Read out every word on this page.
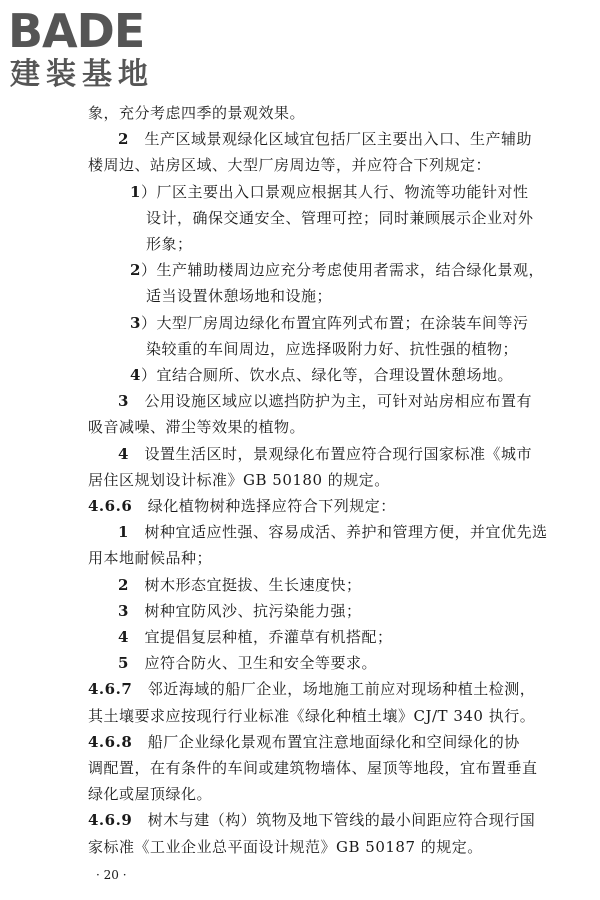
BADE
建装基地
象，充分考虑四季的景观效果。
2　生产区域景观绿化区域宜包括厂区主要出入口、生产辅助
楼周边、站房区域、大型厂房周边等，并应符合下列规定：
1）厂区主要出入口景观应根据其人行、物流等功能针对性
设计，确保交通安全、管理可控；同时兼顾展示企业对外
形象；
2）生产辅助楼周边应充分考虑使用者需求，结合绿化景观，
适当设置休憩场地和设施；
3）大型厂房周边绿化布置宜阵列式布置；在涂装车间等污
染较重的车间周边，应选择吸附力好、抗性强的植物；
4）宜结合厕所、饮水点、绿化等，合理设置休憩场地。
3　公用设施区域应以遮挡防护为主，可针对站房相应布置有
吸音减噪、滞尘等效果的植物。
4　设置生活区时，景观绿化布置应符合现行国家标准《城市
居住区规划设计标准》GB 50180 的规定。
4.6.6　绿化植物树种选择应符合下列规定：
1　树种宜适应性强、容易成活、养护和管理方便，并宜优先选
用本地耐候品种；
2　树木形态宜挺拔、生长速度快；
3　树种宜防风沙、抗污染能力强；
4　宜提倡复层种植，乔灌草有机搭配；
5　应符合防火、卫生和安全等要求。
4.6.7　邻近海域的船厂企业，场地施工前应对现场种植土检测，
其土壤要求应按现行行业标准《绿化种植土壤》CJ/T 340 执行。
4.6.8　船厂企业绿化景观布置宜注意地面绿化和空间绿化的协
调配置，在有条件的车间或建筑物墙体、屋顶等地段，宜布置垂直
绿化或屋顶绿化。
4.6.9　树木与建（构）筑物及地下管线的最小间距应符合现行国
家标准《工业企业总平面设计规范》GB 50187 的规定。
· 20 ·
